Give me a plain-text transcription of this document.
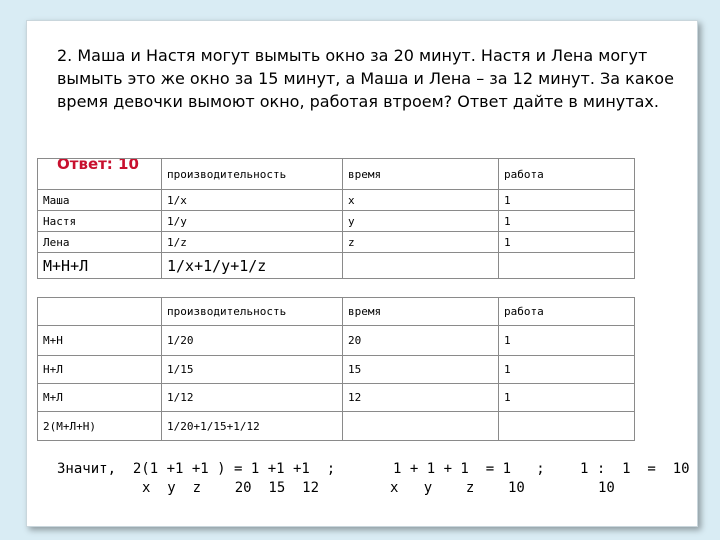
2. Маша и Настя могут вымыть окно за 20 минут. Настя и Лена могут вымыть это же окно за 15 минут, а Маша и Лена – за 12 минут. За какое время девочки вымоют окно, работая втроем? Ответ дайте в минутах.
Ответ: 10
	производительность	время	работа
Маша	1/x	x	1
Настя	1/у	у	1
Лена	1/z	z	1
М+Н+Л	1/x+1/у+1/z		
	производительность	время	работа
М+Н	1/20	20	1
Н+Л	1/15	15	1
М+Л	1/12	12	1
2(М+Л+Н)	1/20+1/15+1/12		
Значит,  2(1 +1 +1 ) = 1 +1 +1  ;
x  у  z    20  15  12
1 + 1 + 1  = 1   ;
x   у    z    10
1 :  1  =  10
10
